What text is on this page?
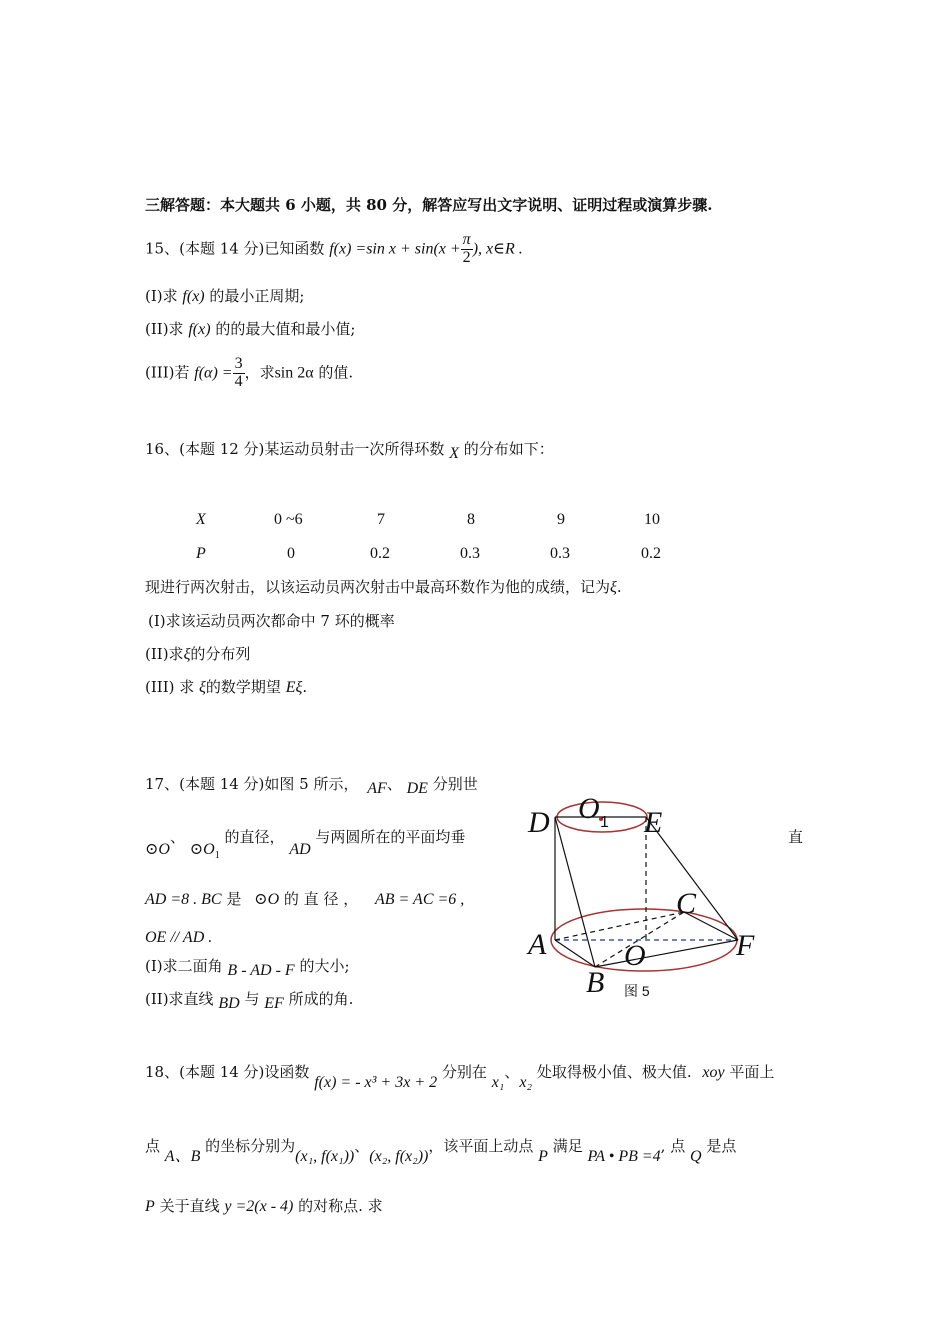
三解答题：本大题共 6 小题，共 80 分，解答应写出文字说明、证明过程或演算步骤.
15、(本题 14 分)已知函数 f(x) =sin $x + \sin(x + \frac{\pi}{2}$ ), x∈R .
(I)求 f(x) 的最小正周期;
(II)求 f(x) 的的最大值和最小值;
(III)若 $f(\alpha) = \frac{3}{4}$ ，求sin 2α 的值.
16、(本题 12 分)某运动员射击一次所得环数 X 的分布如下：
X	0 ~6	7	8	9	10
P	0	0.2	0.3	0.3	0.2
现进行两次射击，以该运动员两次射击中最高环数作为他的成绩，记为ξ.
(I)求该运动员两次都命中 7 环的概率
(II)求ξ的分布列
(III) 求 ξ的数学期望 Eξ.
17、(本题 14 分)如图 5 所示， AF、 DE 分别世
⊙O、 $⊙O_1$ 的直径， AD 与两圆所在的平面均垂	直
AD =8 . BC 是 ⊙O 的 直 径 ， AB = AC =6 ,
OE // AD .
(I)求二面角 B - AD - F 的大小;
(II)求直线 BD 与 EF 所成的角.
D O 1 E
C
A	O	F
B 图 5
18、(本题 14 分)设函数 f(x) = - x³ + 3x + 2 分别在 x₁、x₂ 处取得极小值、极大值. xoy 平面上
点 A、B 的坐标分别为(x₁, f(x₁))、(x₂, f(x₂))，该平面上动点 P 满足 PA • PB =4, 点 Q 是点
P 关于直线 y =2(x - 4) 的对称点. 求
